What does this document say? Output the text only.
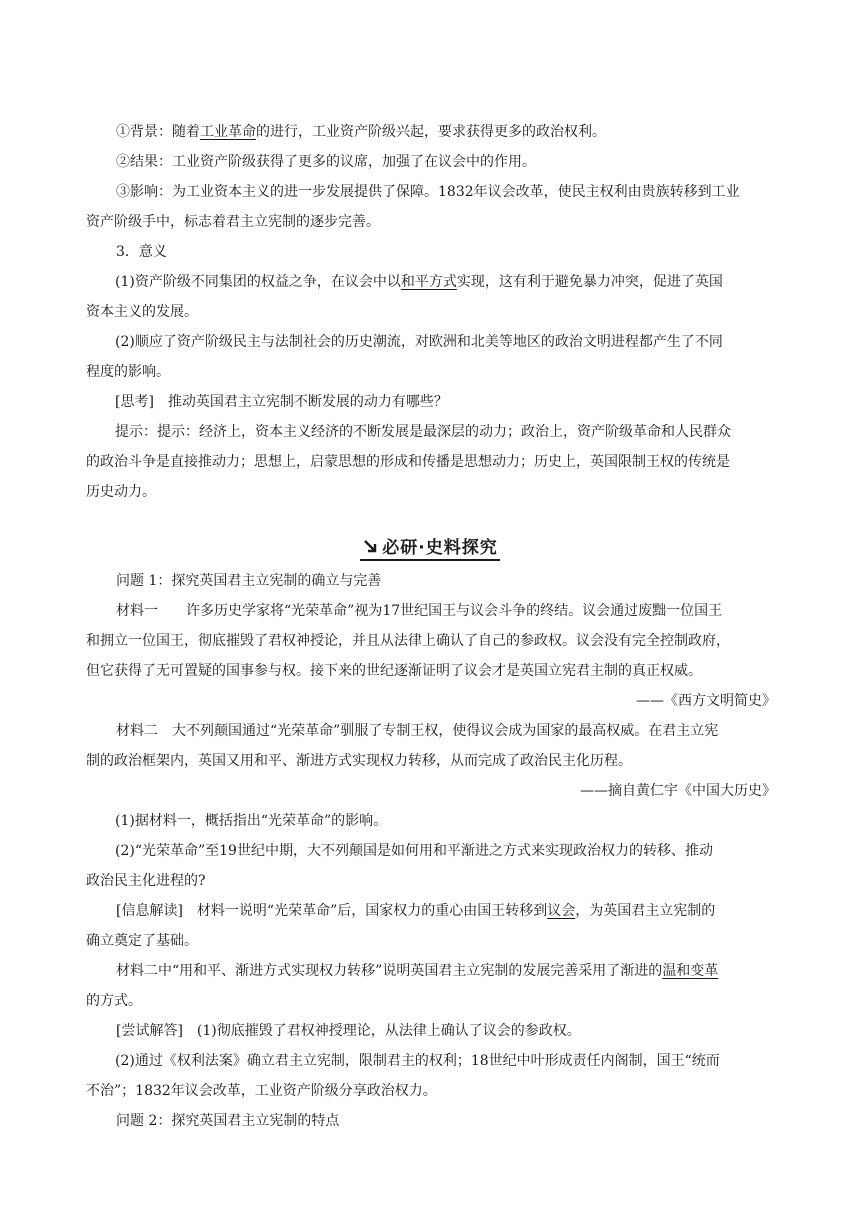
①背景：随着工业革命的进行，工业资产阶级兴起，要求获得更多的政治权利。

②结果：工业资产阶级获得了更多的议席，加强了在议会中的作用。

③影响：为工业资本主义的进一步发展提供了保障。1832年议会改革，使民主权利由贵族转移到工业

资产阶级手中，标志着君主立宪制的逐步完善。

3．意义

(1)资产阶级不同集团的权益之争，在议会中以和平方式实现，这有利于避免暴力冲突，促进了英国

资本主义的发展。

(2)顺应了资产阶级民主与法制社会的历史潮流，对欧洲和北美等地区的政治文明进程都产生了不同

程度的影响。

[思考]　推动英国君主立宪制不断发展的动力有哪些？

提示：提示：经济上，资本主义经济的不断发展是最深层的动力；政治上，资产阶级革命和人民群众

的政治斗争是直接推动力；思想上，启蒙思想的形成和传播是思想动力；历史上，英国限制王权的传统是

历史动力。

必研·史料探究

问题 1：探究英国君主立宪制的确立与完善

材料一　　许多历史学家将“光荣革命”视为17世纪国王与议会斗争的终结。议会通过废黜一位国王

和拥立一位国王，彻底摧毁了君权神授论，并且从法律上确认了自己的参政权。议会没有完全控制政府，

但它获得了无可置疑的国事参与权。接下来的世纪逐渐证明了议会才是英国立宪君主制的真正权威。

——《西方文明简史》

材料二　大不列颠国通过“光荣革命”驯服了专制王权，使得议会成为国家的最高权威。在君主立宪

制的政治框架内，英国又用和平、渐进方式实现权力转移，从而完成了政治民主化历程。

——摘自黄仁宇《中国大历史》

(1)据材料一，概括指出“光荣革命”的影响。

(2)“光荣革命”至19世纪中期，大不列颠国是如何用和平渐进之方式来实现政治权力的转移、推动

政治民主化进程的?

[信息解读]　材料一说明“光荣革命”后，国家权力的重心由国王转移到议会，为英国君主立宪制的

确立奠定了基础。

材料二中“用和平、渐进方式实现权力转移”说明英国君主立宪制的发展完善采用了渐进的温和变革

的方式。

[尝试解答]　(1)彻底摧毁了君权神授理论，从法律上确认了议会的参政权。

(2)通过《权利法案》确立君主立宪制，限制君主的权利；18世纪中叶形成责任内阁制，国王“统而

不治”；1832年议会改革，工业资产阶级分享政治权力。

问题 2：探究英国君主立宪制的特点
